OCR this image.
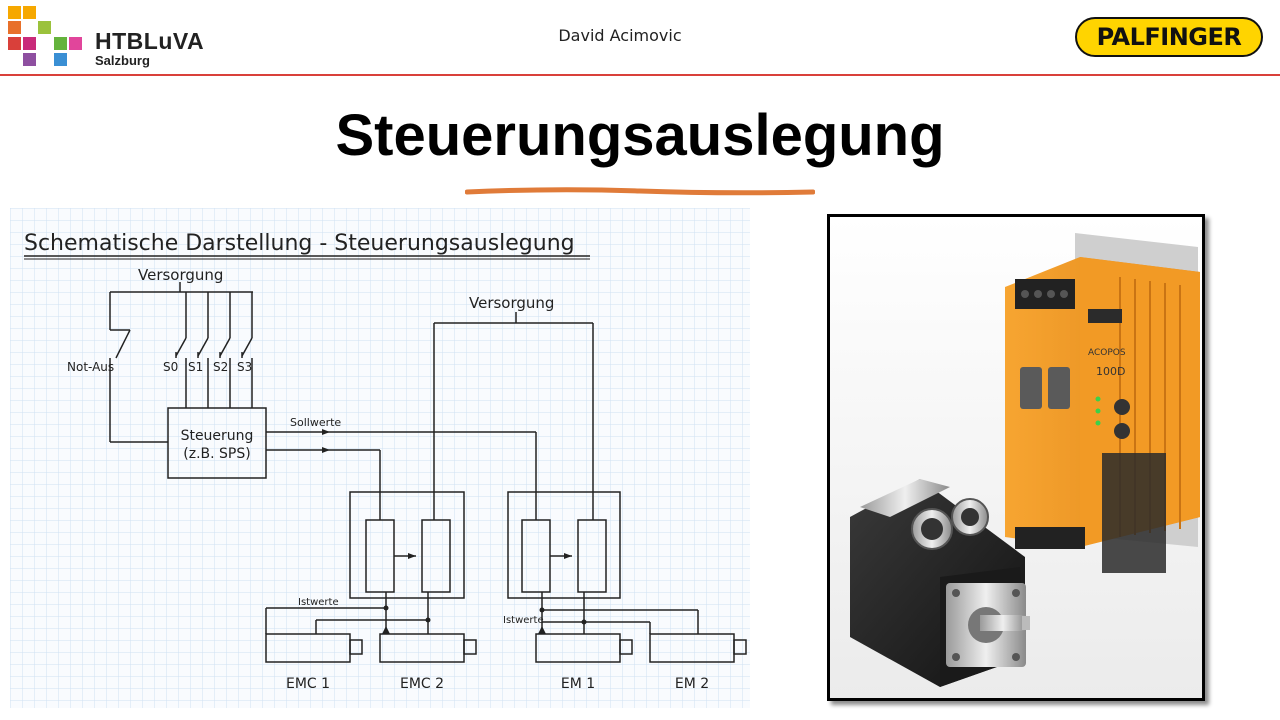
HTBLuVA
Salzburg
David Acimovic	PALFINGER
Steuerungsauslegung
Schematische Darstellung - Steuerungsauslegung
Versorgung
Versorgung
Not-Aus	S0 S1 S2 S3
Steuerung
(z.B. SPS)
Sollwerte
Istwerte
Istwerte
EMC 1	EMC 2	EM 1	EM 2
ACOPOS
100D
